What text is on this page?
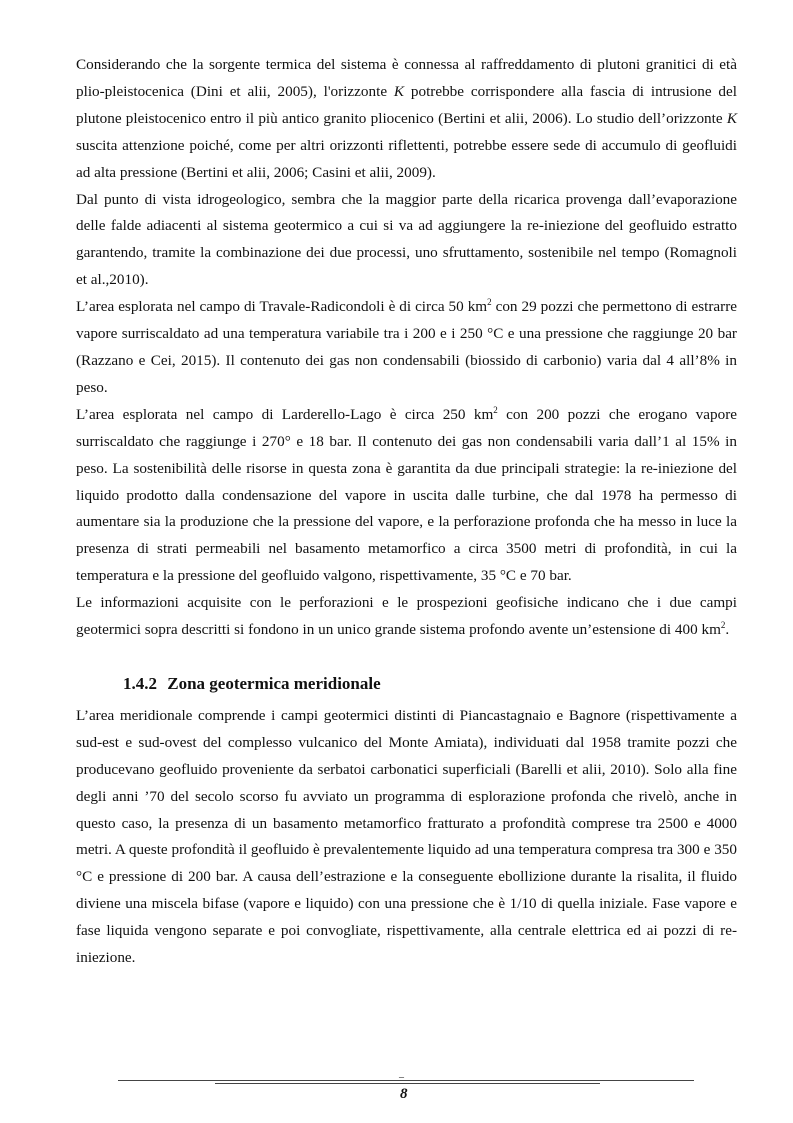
Considerando che la sorgente termica del sistema è connessa al raffreddamento di plutoni granitici di età plio-pleistocenica (Dini et alii, 2005), l'orizzonte K potrebbe corrispondere alla fascia di intrusione del plutone pleistocenico entro il più antico granito pliocenico (Bertini et alii, 2006). Lo studio dell’orizzonte K suscita attenzione poiché, come per altri orizzonti riflettenti, potrebbe essere sede di accumulo di geofluidi ad alta pressione (Bertini et alii, 2006; Casini et alii, 2009).

Dal punto di vista idrogeologico, sembra che la maggior parte della ricarica provenga dall’evaporazione delle falde adiacenti al sistema geotermico a cui si va ad aggiungere la re-iniezione del geofluido estratto garantendo, tramite la combinazione dei due processi, uno sfruttamento, sostenibile nel tempo (Romagnoli et al.,2010).

L’area esplorata nel campo di Travale-Radicondoli è di circa 50 $km^2$ con 29 pozzi che permettono di estrarre vapore surriscaldato ad una temperatura variabile tra i 200 e i 250 °C e una pressione che raggiunge 20 bar (Razzano e Cei, 2015). Il contenuto dei gas non condensabili (biossido di carbonio) varia dal 4 all’8% in peso.

L’area esplorata nel campo di Larderello-Lago è circa 250 $km^2$ con 200 pozzi che erogano vapore surriscaldato che raggiunge i 270° e 18 bar. Il contenuto dei gas non condensabili varia dall’1 al 15% in peso. La sostenibilità delle risorse in questa zona è garantita da due principali strategie: la re-iniezione del liquido prodotto dalla condensazione del vapore in uscita dalle turbine, che dal 1978 ha permesso di aumentare sia la produzione che la pressione del vapore, e la perforazione profonda che ha messo in luce la presenza di strati permeabili nel basamento metamorfico a circa 3500 metri di profondità, in cui la temperatura e la pressione del geofluido valgono, rispettivamente, 35 °C e 70 bar.

Le informazioni acquisite con le perforazioni e le prospezioni geofisiche indicano che i due campi geotermici sopra descritti si fondono in un unico grande sistema profondo avente un’estensione di 400 $km^2$.

1.4.2 Zona geotermica meridionale

L’area meridionale comprende i campi geotermici distinti di Piancastagnaio e Bagnore (rispettivamente a sud-est e sud-ovest del complesso vulcanico del Monte Amiata), individuati dal 1958 tramite pozzi che producevano geofluido proveniente da serbatoi carbonatici superficiali (Barelli et alii, 2010). Solo alla fine degli anni ’70 del secolo scorso fu avviato un programma di esplorazione profonda che rivelò, anche in questo caso, la presenza di un basamento metamorfico fratturato a profondità comprese tra 2500 e 4000 metri. A queste profondità il geofluido è prevalentemente liquido ad una temperatura compresa tra 300 e 350 °C e pressione di 200 bar. A causa dell’estrazione e la conseguente ebollizione durante la risalita, il fluido diviene una miscela bifase (vapore e liquido) con una pressione che è 1/10 di quella iniziale. Fase vapore e fase liquida vengono separate e poi convogliate, rispettivamente, alla centrale elettrica ed ai pozzi di re-iniezione.

_
8
